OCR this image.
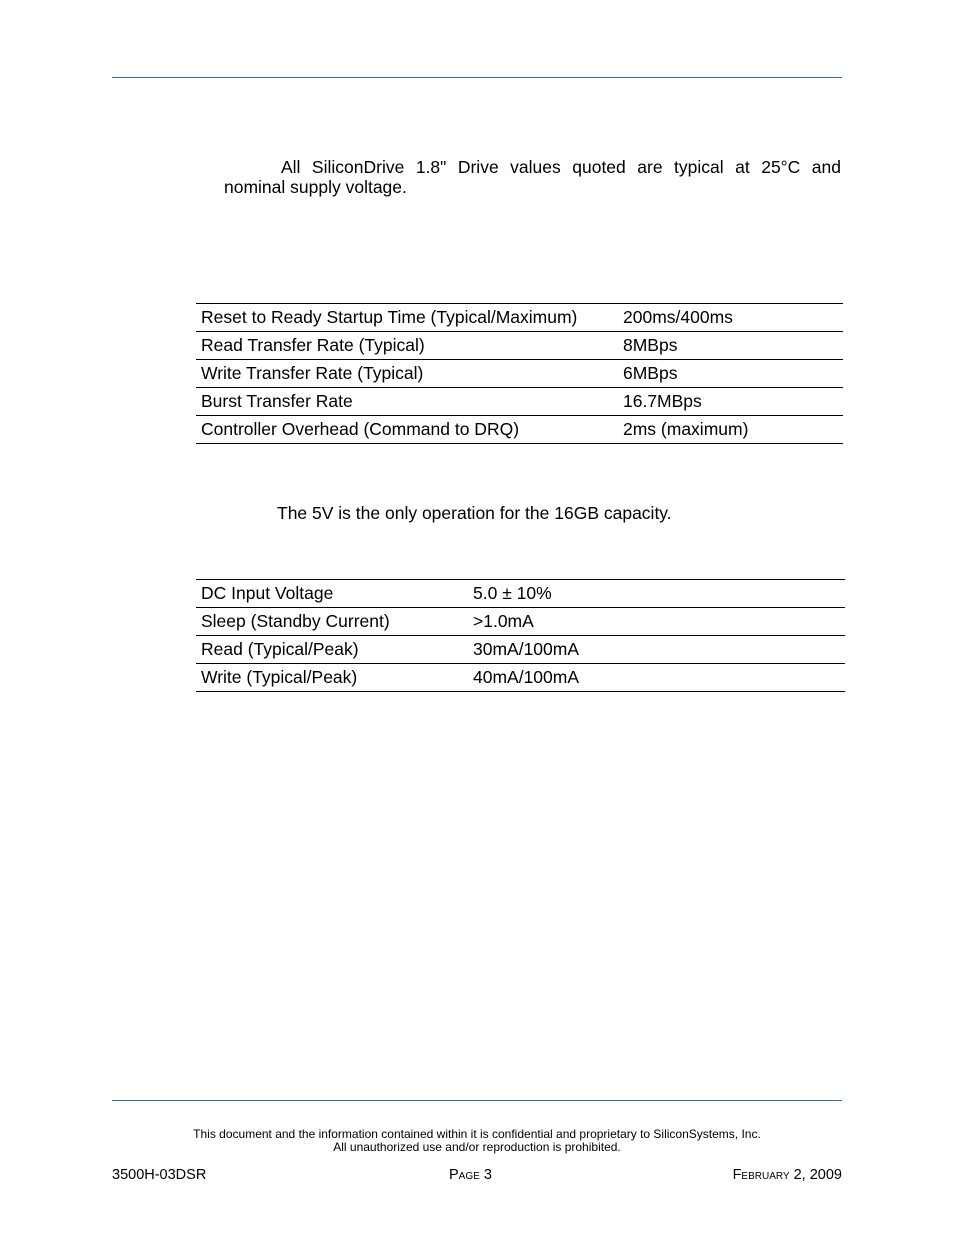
All SiliconDrive 1.8" Drive values quoted are typical at 25°C and
nominal supply voltage.
Reset to Ready Startup Time (Typical/Maximum)	200ms/400ms
Read Transfer Rate (Typical)	8MBps
Write Transfer Rate (Typical)	6MBps
Burst Transfer Rate	16.7MBps
Controller Overhead (Command to DRQ)	2ms (maximum)
The 5V is the only operation for the 16GB capacity.
DC Input Voltage	5.0 ± 10%
Sleep (Standby Current)	>1.0mA
Read (Typical/Peak)	30mA/100mA
Write (Typical/Peak)	40mA/100mA
This document and the information contained within it is confidential and proprietary to SiliconSystems, Inc.
All unauthorized use and/or reproduction is prohibited.
3500H-03DSR	Page 3	February 2, 2009
